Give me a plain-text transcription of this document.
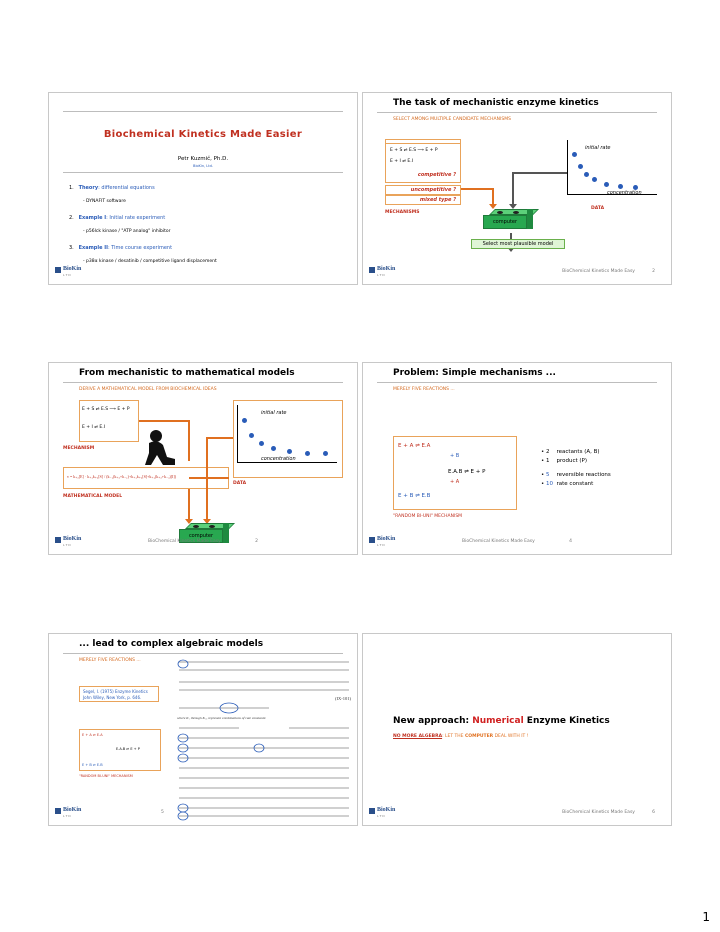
Biochemical Kinetics Made Easier
Petr Kuzmič, Ph.D.
BioKin, Ltd.
1. Theory: differential equations
- DYNAFIT software
2. Example I: Initial rate experiment
- p56lck kinase / "ATP analog" inhibitor
3. Example II: Time course experiment
- p38α kinase / desatinib / competitive ligand displacement
BioKin
L T D
The task of mechanistic enzyme kinetics
SELECT AMONG MULTIPLE CANDIDATE MECHANISMS
E + S ⇌ E.S ⟶ E + P
E + I ⇌ E.I
competitive ?
uncompetitive ?
mixed type ?
MECHANISMS
initial rate
concentration
computer
DATA
Select most plausible model
BioChemical Kinetics Made Easy	2
BioKin
L T D
From mechanistic to mathematical models
DERIVE A MATHEMATICAL MODEL FROM BIOCHEMICAL IDEAS
E + S ⇌ E.S ⟶ E + P
E + I ⇌ E.I
MECHANISM
initial rate
concentration
DATA
v = k₊₂[E] · k₊₁k₊₂[S] / (k₋₁(k₊₂+k₋₁)+k₊₁k₊₂[S]+k₊₁(k₊₂+k₋₃)[I])
MATHEMATICAL MODEL
computer
BioChemical Kinetics Made Easy	2
BioKin
L T D
Problem: Simple mechanisms ...
MERELY FIVE REACTIONS ...
E + A ⇌ E.A
+ B
E.A.B ⇌ E + P
+ A
E + B ⇌ E.B
"RANDOM BI-UNI" MECHANISM
• 2 reactants (A, B)
• 1 product (P)
• 5 reversible reactions
• 10 rate constant
BioChemical Kinetics Made Easy	4
BioKin
L T D
... lead to complex algebraic models
MERELY FIVE REACTIONS ...
(IX-101)
where K₁ through K₁₈ represent combinations of rate constants:
Segel, I. (1975) Enzyme Kinetics
John Wiley, New York, p. 646.
E + A ⇌ E.A
E.A.B ⇌ E + P
E + B ⇌ E.B
"RANDOM BI-UNI" MECHANISM
5
BioKin
L T D
New approach: Numerical Enzyme Kinetics
NO MORE ALGEBRA: LET THE COMPUTER DEAL WITH IT !
BioChemical Kinetics Made Easy	6
BioKin
L T D
1
